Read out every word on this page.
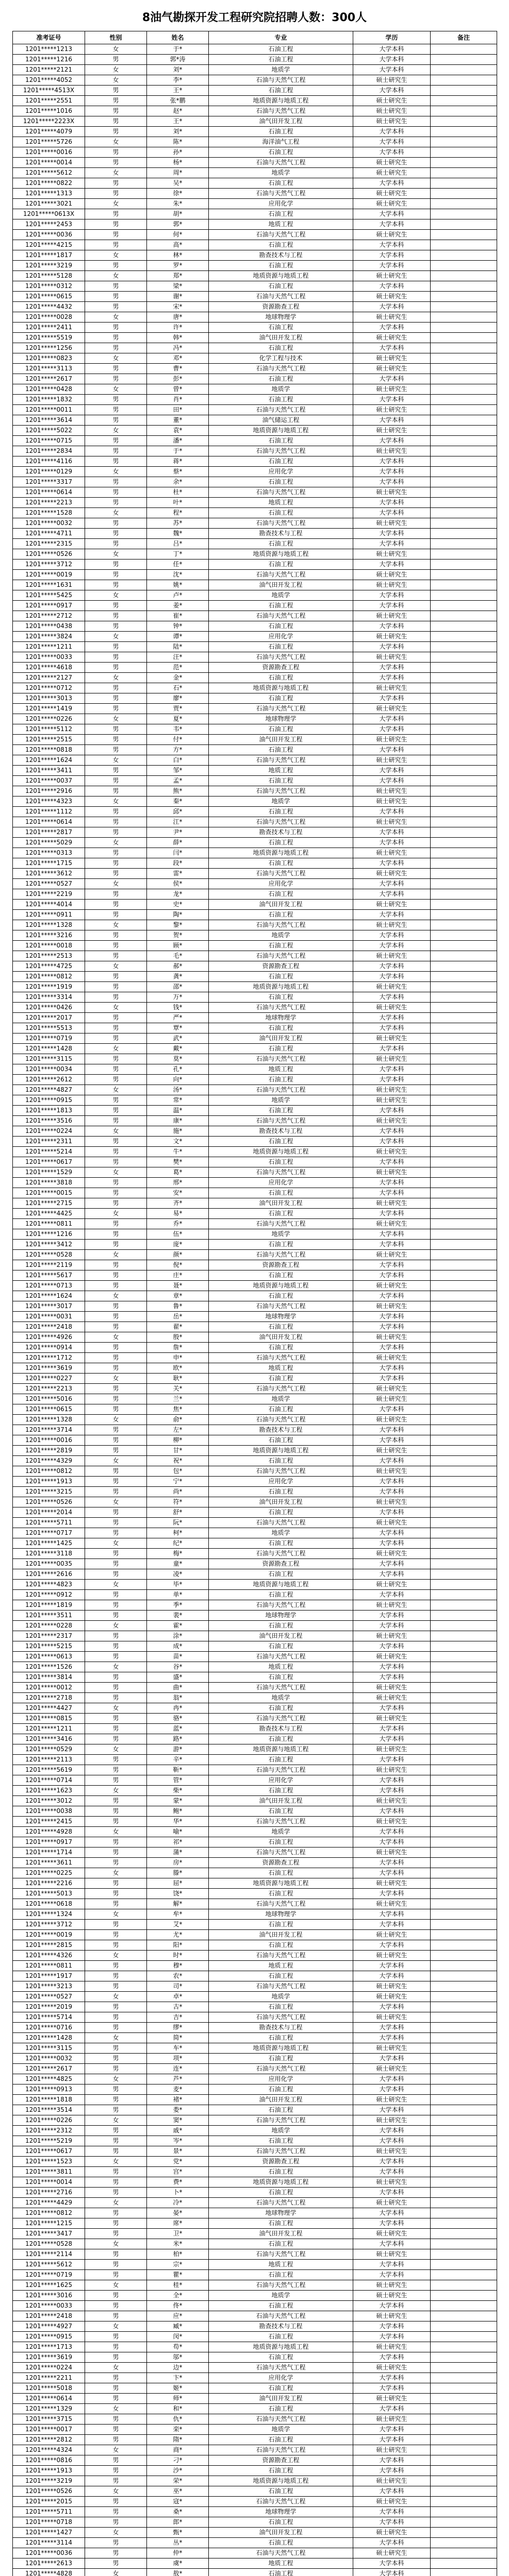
8油气勘探开发工程研究院招聘人数：300人
准考证号	性别	姓名	专业	学历	备注
1201*****1213	女	于*	石油工程	大学本科	
1201*****1216	男	郭*涛	石油工程	大学本科	
1201*****2121	女	刘*	地质学	大学本科	
1201*****4052	女	李*	石油与天然气工程	硕士研究生	
1201*****4513X	男	王*	石油工程	大学本科	
1201*****2551	男	张*鹏	地质资源与地质工程	硕士研究生	
1201*****1016	男	赵*	石油与天然气工程	硕士研究生	
1201*****2223X	男	王*	油气田开发工程	硕士研究生	
1201*****4079	男	刘*	石油工程	大学本科	
1201*****5726	女	陈*	海洋油气工程	大学本科	
1201*****0016	男	孙*	石油工程	大学本科	
1201*****0014	男	杨*	石油与天然气工程	硕士研究生	
1201*****5612	女	周*	地质学	硕士研究生	
1201*****0822	男	吴*	石油工程	大学本科	
1201*****1313	男	徐*	石油与天然气工程	硕士研究生	
1201*****3021	女	朱*	应用化学	硕士研究生	
1201*****0613X	男	胡*	石油工程	大学本科	
1201*****2453	男	郭*	地质工程	大学本科	
1201*****0036	男	何*	石油与天然气工程	硕士研究生	
1201*****4215	男	高*	石油工程	大学本科	
1201*****1817	女	林*	勘查技术与工程	大学本科	
1201*****3219	男	罗*	石油工程	大学本科	
1201*****5128	女	郑*	地质资源与地质工程	硕士研究生	
1201*****0312	男	梁*	石油工程	大学本科	
1201*****0615	男	谢*	石油与天然气工程	硕士研究生	
1201*****4432	男	宋*	资源勘查工程	大学本科	
1201*****0028	女	唐*	地球物理学	硕士研究生	
1201*****2411	男	许*	石油工程	大学本科	
1201*****5519	男	韩*	油气田开发工程	硕士研究生	
1201*****1256	男	冯*	石油工程	大学本科	
1201*****0823	女	邓*	化学工程与技术	硕士研究生	
1201*****3113	男	曹*	石油与天然气工程	硕士研究生	
1201*****2617	男	彭*	石油工程	大学本科	
1201*****0428	女	曾*	地质学	硕士研究生	
1201*****1832	男	肖*	石油工程	大学本科	
1201*****0011	男	田*	石油与天然气工程	硕士研究生	
1201*****3614	男	董*	油气储运工程	大学本科	
1201*****5022	女	袁*	地质资源与地质工程	硕士研究生	
1201*****0715	男	潘*	石油工程	大学本科	
1201*****2834	男	于*	石油与天然气工程	硕士研究生	
1201*****4116	男	蒋*	石油工程	大学本科	
1201*****0129	女	蔡*	应用化学	大学本科	
1201*****3317	男	余*	石油工程	大学本科	
1201*****0614	男	杜*	石油与天然气工程	硕士研究生	
1201*****2213	男	叶*	地质工程	大学本科	
1201*****1528	女	程*	石油工程	大学本科	
1201*****0032	男	苏*	石油与天然气工程	硕士研究生	
1201*****4711	男	魏*	勘查技术与工程	大学本科	
1201*****2315	男	吕*	石油工程	大学本科	
1201*****0526	女	丁*	地质资源与地质工程	硕士研究生	
1201*****3712	男	任*	石油工程	大学本科	
1201*****0019	男	沈*	石油与天然气工程	硕士研究生	
1201*****1631	男	姚*	油气田开发工程	硕士研究生	
1201*****5425	女	卢*	地质学	大学本科	
1201*****0917	男	姜*	石油工程	大学本科	
1201*****2712	男	崔*	石油与天然气工程	硕士研究生	
1201*****0438	男	钟*	石油工程	大学本科	
1201*****3824	女	谭*	应用化学	硕士研究生	
1201*****1211	男	陆*	石油工程	大学本科	
1201*****0033	男	汪*	石油与天然气工程	硕士研究生	
1201*****4618	男	范*	资源勘查工程	大学本科	
1201*****2127	女	金*	石油工程	大学本科	
1201*****0712	男	石*	地质资源与地质工程	硕士研究生	
1201*****3013	男	廖*	石油工程	大学本科	
1201*****1419	男	贾*	石油与天然气工程	硕士研究生	
1201*****0226	女	夏*	地球物理学	大学本科	
1201*****5112	男	韦*	石油工程	大学本科	
1201*****2515	男	付*	油气田开发工程	硕士研究生	
1201*****0818	男	方*	石油工程	大学本科	
1201*****1624	女	白*	石油与天然气工程	硕士研究生	
1201*****3411	男	邹*	地质工程	大学本科	
1201*****0037	男	孟*	石油工程	大学本科	
1201*****2916	男	熊*	石油与天然气工程	硕士研究生	
1201*****4323	女	秦*	地质学	硕士研究生	
1201*****1112	男	邱*	石油工程	大学本科	
1201*****0614	男	江*	石油与天然气工程	硕士研究生	
1201*****2817	男	尹*	勘查技术与工程	大学本科	
1201*****5029	女	薛*	石油工程	大学本科	
1201*****0313	男	闫*	地质资源与地质工程	硕士研究生	
1201*****1715	男	段*	石油工程	大学本科	
1201*****3612	男	雷*	石油与天然气工程	硕士研究生	
1201*****0527	女	侯*	应用化学	大学本科	
1201*****2219	男	龙*	石油工程	大学本科	
1201*****4014	男	史*	油气田开发工程	硕士研究生	
1201*****0911	男	陶*	石油工程	大学本科	
1201*****1328	女	黎*	石油与天然气工程	硕士研究生	
1201*****3216	男	贺*	地质学	大学本科	
1201*****0018	男	顾*	石油工程	大学本科	
1201*****2513	男	毛*	石油与天然气工程	硕士研究生	
1201*****4725	女	郝*	资源勘查工程	大学本科	
1201*****0812	男	龚*	石油工程	大学本科	
1201*****1919	男	邵*	地质资源与地质工程	硕士研究生	
1201*****3314	男	万*	石油工程	大学本科	
1201*****0426	女	钱*	石油与天然气工程	硕士研究生	
1201*****2017	男	严*	地球物理学	大学本科	
1201*****5513	男	覃*	石油工程	大学本科	
1201*****0719	男	武*	油气田开发工程	硕士研究生	
1201*****1428	女	戴*	石油工程	大学本科	
1201*****3115	男	莫*	石油与天然气工程	硕士研究生	
1201*****0034	男	孔*	地质工程	大学本科	
1201*****2612	男	向*	石油工程	大学本科	
1201*****4827	女	汤*	石油与天然气工程	硕士研究生	
1201*****0915	男	常*	地质学	硕士研究生	
1201*****1813	男	温*	石油工程	大学本科	
1201*****3516	男	康*	石油与天然气工程	硕士研究生	
1201*****0224	女	施*	勘查技术与工程	大学本科	
1201*****2311	男	文*	石油工程	大学本科	
1201*****5214	男	牛*	地质资源与地质工程	硕士研究生	
1201*****0617	男	樊*	石油工程	大学本科	
1201*****1529	女	葛*	石油与天然气工程	硕士研究生	
1201*****3818	男	邢*	应用化学	大学本科	
1201*****0015	男	安*	石油工程	大学本科	
1201*****2715	男	齐*	油气田开发工程	硕士研究生	
1201*****4425	女	易*	石油工程	大学本科	
1201*****0811	男	乔*	石油与天然气工程	硕士研究生	
1201*****1216	男	伍*	地质学	大学本科	
1201*****3412	男	庞*	石油工程	大学本科	
1201*****0528	女	颜*	石油与天然气工程	硕士研究生	
1201*****2119	男	倪*	资源勘查工程	大学本科	
1201*****5617	男	庄*	石油工程	大学本科	
1201*****0713	男	聂*	地质资源与地质工程	硕士研究生	
1201*****1624	女	章*	石油工程	大学本科	
1201*****3017	男	鲁*	石油与天然气工程	硕士研究生	
1201*****0031	男	岳*	地球物理学	大学本科	
1201*****2418	男	翟*	石油工程	大学本科	
1201*****4926	女	殷*	油气田开发工程	硕士研究生	
1201*****0914	男	詹*	石油工程	大学本科	
1201*****1712	男	申*	石油与天然气工程	硕士研究生	
1201*****3619	男	欧*	地质工程	大学本科	
1201*****0227	女	耿*	石油工程	大学本科	
1201*****2213	男	关*	石油与天然气工程	硕士研究生	
1201*****5016	男	兰*	地质学	硕士研究生	
1201*****0615	男	焦*	石油工程	大学本科	
1201*****1328	女	俞*	石油与天然气工程	硕士研究生	
1201*****3714	男	左*	勘查技术与工程	大学本科	
1201*****0016	男	柳*	石油工程	大学本科	
1201*****2819	男	甘*	地质资源与地质工程	硕士研究生	
1201*****4329	女	祝*	石油工程	大学本科	
1201*****0812	男	包*	石油与天然气工程	硕士研究生	
1201*****1913	男	宁*	应用化学	大学本科	
1201*****3215	男	尚*	石油工程	大学本科	
1201*****0526	女	符*	油气田开发工程	硕士研究生	
1201*****2014	男	舒*	石油工程	大学本科	
1201*****5711	男	阮*	石油与天然气工程	硕士研究生	
1201*****0717	男	柯*	地质学	大学本科	
1201*****1425	女	纪*	石油工程	大学本科	
1201*****3118	男	梅*	石油与天然气工程	硕士研究生	
1201*****0035	男	童*	资源勘查工程	大学本科	
1201*****2616	男	凌*	石油工程	大学本科	
1201*****4823	女	毕*	地质资源与地质工程	硕士研究生	
1201*****0912	男	单*	石油工程	大学本科	
1201*****1819	男	季*	石油与天然气工程	硕士研究生	
1201*****3511	男	裴*	地球物理学	大学本科	
1201*****0228	女	霍*	石油工程	大学本科	
1201*****2317	男	涂*	油气田开发工程	硕士研究生	
1201*****5215	男	成*	石油工程	大学本科	
1201*****0613	男	苗*	石油与天然气工程	硕士研究生	
1201*****1526	女	谷*	地质工程	大学本科	
1201*****3814	男	盛*	石油工程	大学本科	
1201*****0012	男	曲*	石油与天然气工程	硕士研究生	
1201*****2718	男	翁*	地质学	硕士研究生	
1201*****4427	女	冉*	石油工程	大学本科	
1201*****0815	男	骆*	石油与天然气工程	硕士研究生	
1201*****1211	男	蓝*	勘查技术与工程	大学本科	
1201*****3416	男	路*	石油工程	大学本科	
1201*****0529	女	游*	地质资源与地质工程	硕士研究生	
1201*****2113	男	辛*	石油工程	大学本科	
1201*****5619	男	靳*	石油与天然气工程	硕士研究生	
1201*****0714	男	管*	应用化学	大学本科	
1201*****1623	女	柴*	石油工程	大学本科	
1201*****3012	男	蒙*	油气田开发工程	硕士研究生	
1201*****0038	男	鲍*	石油工程	大学本科	
1201*****2415	男	华*	石油与天然气工程	硕士研究生	
1201*****4928	女	喻*	地质学	大学本科	
1201*****0917	男	祁*	石油工程	大学本科	
1201*****1714	男	蒲*	石油与天然气工程	硕士研究生	
1201*****3611	男	房*	资源勘查工程	大学本科	
1201*****0225	女	滕*	石油工程	大学本科	
1201*****2216	男	屈*	地质资源与地质工程	硕士研究生	
1201*****5013	男	饶*	石油工程	大学本科	
1201*****0618	男	解*	石油与天然气工程	硕士研究生	
1201*****1324	女	牟*	地球物理学	大学本科	
1201*****3712	男	艾*	石油工程	大学本科	
1201*****0019	男	尤*	油气田开发工程	硕士研究生	
1201*****2815	男	阳*	石油工程	大学本科	
1201*****4326	女	时*	石油与天然气工程	硕士研究生	
1201*****0811	男	穆*	地质工程	大学本科	
1201*****1917	男	农*	石油工程	大学本科	
1201*****3213	男	司*	石油与天然气工程	硕士研究生	
1201*****0527	女	卓*	地质学	硕士研究生	
1201*****2019	男	古*	石油工程	大学本科	
1201*****5714	男	吉*	石油与天然气工程	硕士研究生	
1201*****0716	男	缪*	勘查技术与工程	大学本科	
1201*****1428	女	简*	石油工程	大学本科	
1201*****3115	男	车*	地质资源与地质工程	硕士研究生	
1201*****0032	男	项*	石油工程	大学本科	
1201*****2617	男	连*	石油与天然气工程	硕士研究生	
1201*****4825	女	芦*	应用化学	大学本科	
1201*****0913	男	麦*	石油工程	大学本科	
1201*****1818	男	褚*	油气田开发工程	硕士研究生	
1201*****3514	男	娄*	石油工程	大学本科	
1201*****0226	女	窦*	石油与天然气工程	硕士研究生	
1201*****2312	男	戚*	地质学	大学本科	
1201*****5219	男	岑*	石油工程	大学本科	
1201*****0617	男	景*	石油与天然气工程	硕士研究生	
1201*****1523	女	党*	资源勘查工程	大学本科	
1201*****3811	男	宫*	石油工程	大学本科	
1201*****0014	男	费*	地质资源与地质工程	硕士研究生	
1201*****2716	男	卜*	石油工程	大学本科	
1201*****4429	女	冷*	石油与天然气工程	硕士研究生	
1201*****0812	男	晏*	地球物理学	大学本科	
1201*****1215	男	席*	石油工程	大学本科	
1201*****3417	男	卫*	油气田开发工程	硕士研究生	
1201*****0528	女	米*	石油工程	大学本科	
1201*****2114	男	柏*	石油与天然气工程	硕士研究生	
1201*****5612	男	宗*	地质工程	大学本科	
1201*****0719	男	瞿*	石油工程	大学本科	
1201*****1625	女	桂*	石油与天然气工程	硕士研究生	
1201*****3016	男	全*	地质学	硕士研究生	
1201*****0033	男	佟*	石油工程	大学本科	
1201*****2418	男	应*	石油与天然气工程	硕士研究生	
1201*****4927	女	臧*	勘查技术与工程	大学本科	
1201*****0915	男	闵*	石油工程	大学本科	
1201*****1713	男	苟*	地质资源与地质工程	硕士研究生	
1201*****3619	男	邬*	石油工程	大学本科	
1201*****0224	女	边*	石油与天然气工程	硕士研究生	
1201*****2211	男	卞*	应用化学	大学本科	
1201*****5018	男	姬*	石油工程	大学本科	
1201*****0614	男	师*	油气田开发工程	硕士研究生	
1201*****1329	女	和*	石油工程	大学本科	
1201*****3715	男	仇*	石油与天然气工程	硕士研究生	
1201*****0017	男	栾*	地质学	大学本科	
1201*****2812	男	隋*	石油工程	大学本科	
1201*****4324	女	商*	石油与天然气工程	硕士研究生	
1201*****0816	男	刁*	资源勘查工程	大学本科	
1201*****1913	男	沙*	石油工程	大学本科	
1201*****3219	男	荣*	地质资源与地质工程	硕士研究生	
1201*****0526	女	巫*	石油工程	大学本科	
1201*****2015	男	寇*	石油与天然气工程	硕士研究生	
1201*****5711	男	桑*	地球物理学	大学本科	
1201*****0718	男	郎*	石油工程	大学本科	
1201*****1427	女	甄*	油气田开发工程	硕士研究生	
1201*****3114	男	丛*	石油工程	大学本科	
1201*****0036	男	仲*	石油与天然气工程	硕士研究生	
1201*****2613	男	虞*	地质工程	大学本科	
1201*****4828	女	敖*	石油工程	大学本科	
